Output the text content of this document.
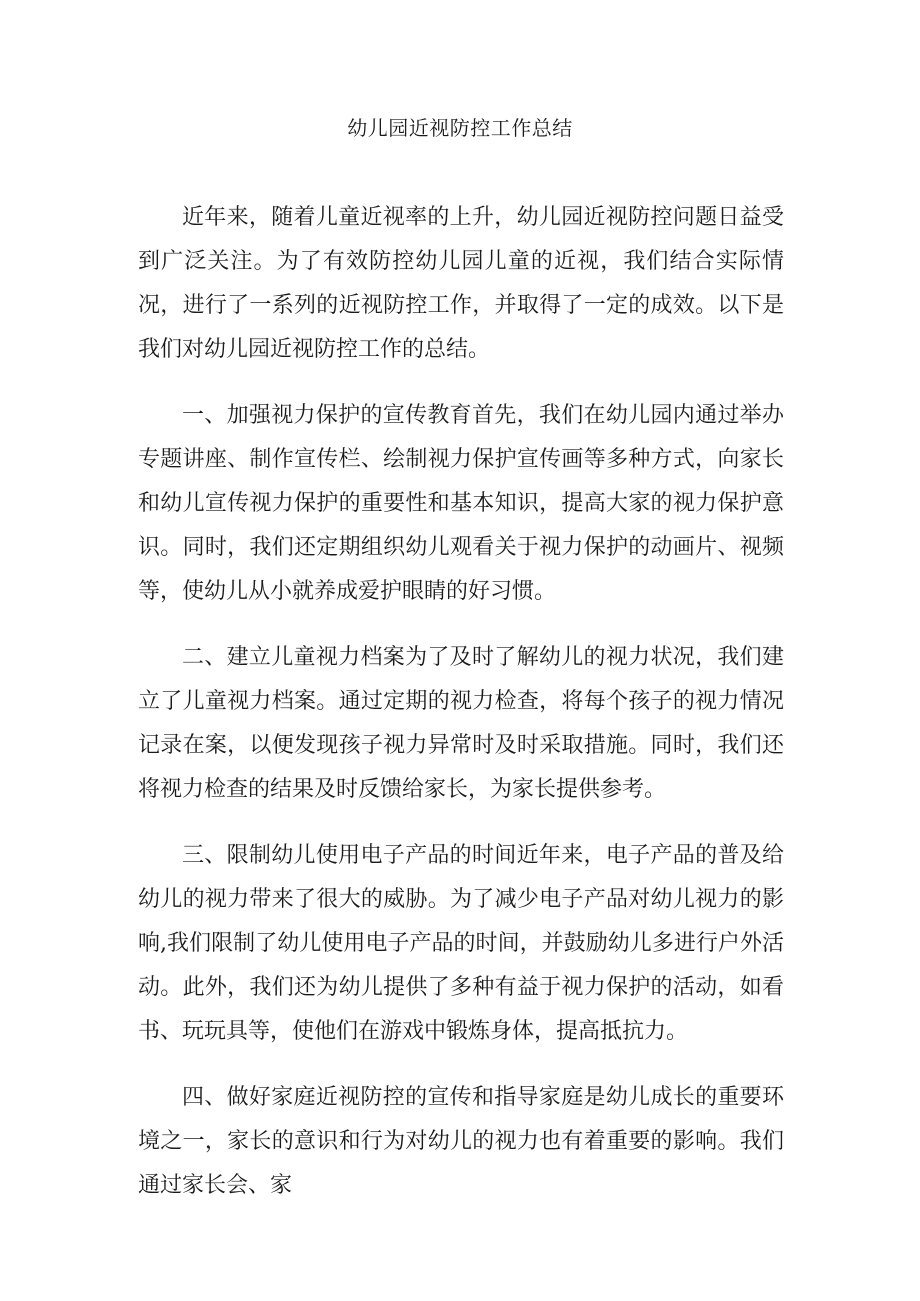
幼儿园近视防控工作总结

近年来，随着儿童近视率的上升，幼儿园近视防控问题日益受到广泛关注。为了有效防控幼儿园儿童的近视，我们结合实际情况，进行了一系列的近视防控工作，并取得了一定的成效。以下是我们对幼儿园近视防控工作的总结。

一、加强视力保护的宣传教育首先，我们在幼儿园内通过举办专题讲座、制作宣传栏、绘制视力保护宣传画等多种方式，向家长和幼儿宣传视力保护的重要性和基本知识，提高大家的视力保护意识。同时，我们还定期组织幼儿观看关于视力保护的动画片、视频等，使幼儿从小就养成爱护眼睛的好习惯。

二、建立儿童视力档案为了及时了解幼儿的视力状况，我们建立了儿童视力档案。通过定期的视力检查，将每个孩子的视力情况记录在案，以便发现孩子视力异常时及时采取措施。同时，我们还将视力检查的结果及时反馈给家长，为家长提供参考。

三、限制幼儿使用电子产品的时间近年来，电子产品的普及给幼儿的视力带来了很大的威胁。为了减少电子产品对幼儿视力的影响,我们限制了幼儿使用电子产品的时间，并鼓励幼儿多进行户外活动。此外，我们还为幼儿提供了多种有益于视力保护的活动，如看书、玩玩具等，使他们在游戏中锻炼身体，提高抵抗力。

四、做好家庭近视防控的宣传和指导家庭是幼儿成长的重要环境之一，家长的意识和行为对幼儿的视力也有着重要的影响。我们通过家长会、家
